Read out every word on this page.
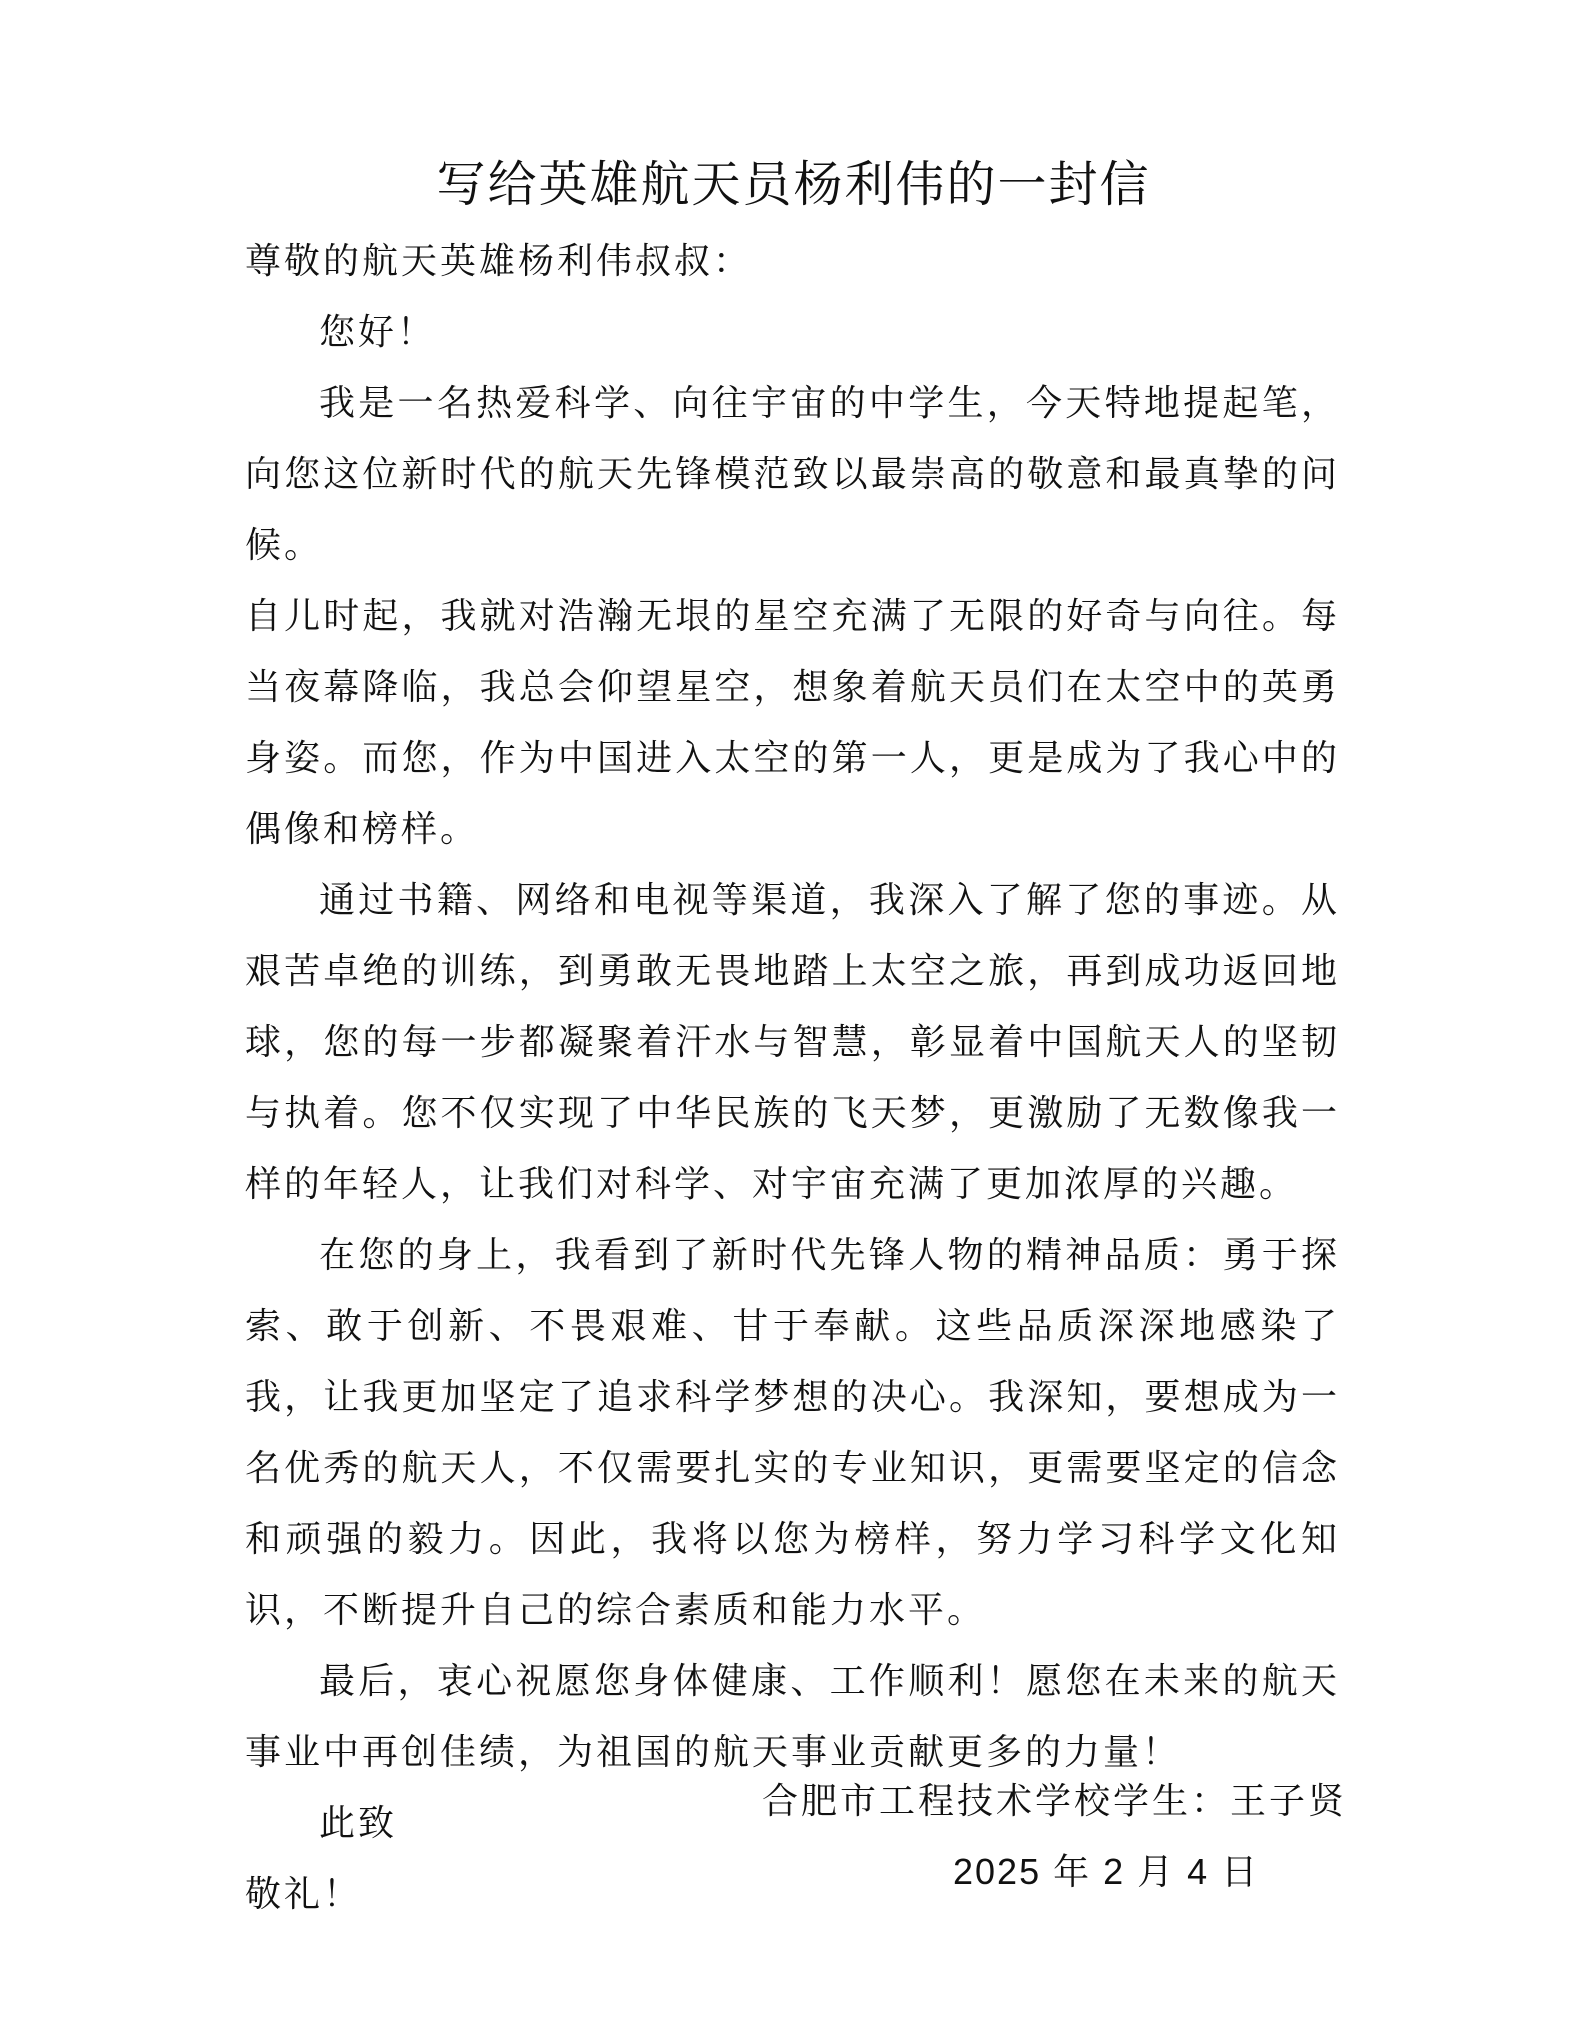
写给英雄航天员杨利伟的一封信

尊敬的航天英雄杨利伟叔叔：

您好！

我是一名热爱科学、向往宇宙的中学生，今天特地提起笔，向您这位新时代的航天先锋模范致以最崇高的敬意和最真挚的问候。

自儿时起，我就对浩瀚无垠的星空充满了无限的好奇与向往。每当夜幕降临，我总会仰望星空，想象着航天员们在太空中的英勇身姿。而您，作为中国进入太空的第一人，更是成为了我心中的偶像和榜样。

通过书籍、网络和电视等渠道，我深入了解了您的事迹。从艰苦卓绝的训练，到勇敢无畏地踏上太空之旅，再到成功返回地球，您的每一步都凝聚着汗水与智慧，彰显着中国航天人的坚韧与执着。您不仅实现了中华民族的飞天梦，更激励了无数像我一样的年轻人，让我们对科学、对宇宙充满了更加浓厚的兴趣。

在您的身上，我看到了新时代先锋人物的精神品质：勇于探索、敢于创新、不畏艰难、甘于奉献。这些品质深深地感染了我，让我更加坚定了追求科学梦想的决心。我深知，要想成为一名优秀的航天人，不仅需要扎实的专业知识，更需要坚定的信念和顽强的毅力。因此，我将以您为榜样，努力学习科学文化知识，不断提升自己的综合素质和能力水平。

最后，衷心祝愿您身体健康、工作顺利！愿您在未来的航天事业中再创佳绩，为祖国的航天事业贡献更多的力量！

此致

敬礼！

合肥市工程技术学校学生：王子贤
2025 年 2 月 4 日
